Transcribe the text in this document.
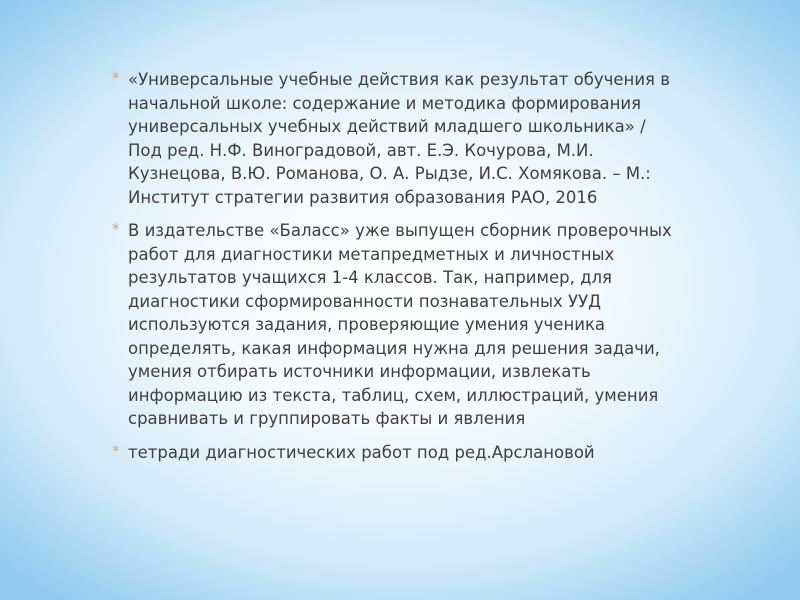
* «Универсальные учебные действия как результат обучения в начальной школе: содержание и методика формирования универсальных учебных действий младшего школьника» / Под ред. Н.Ф. Виноградовой, авт. Е.Э. Кочурова, М.И. Кузнецова, В.Ю. Романова, О. А. Рыдзе, И.С. Хомякова. – М.: Институт стратегии развития образования РАО, 2016
* В издательстве «Баласс» уже выпущен сборник проверочных работ для диагностики метапредметных и личностных результатов учащихся 1-4 классов. Так, например, для диагностики сформированности познавательных УУД используются задания, проверяющие умения ученика определять, какая информация нужна для решения задачи, умения отбирать источники информации, извлекать информацию из текста, таблиц, схем, иллюстраций, умения сравнивать и группировать факты и явления
* тетради диагностических работ под ред.Арслановой
